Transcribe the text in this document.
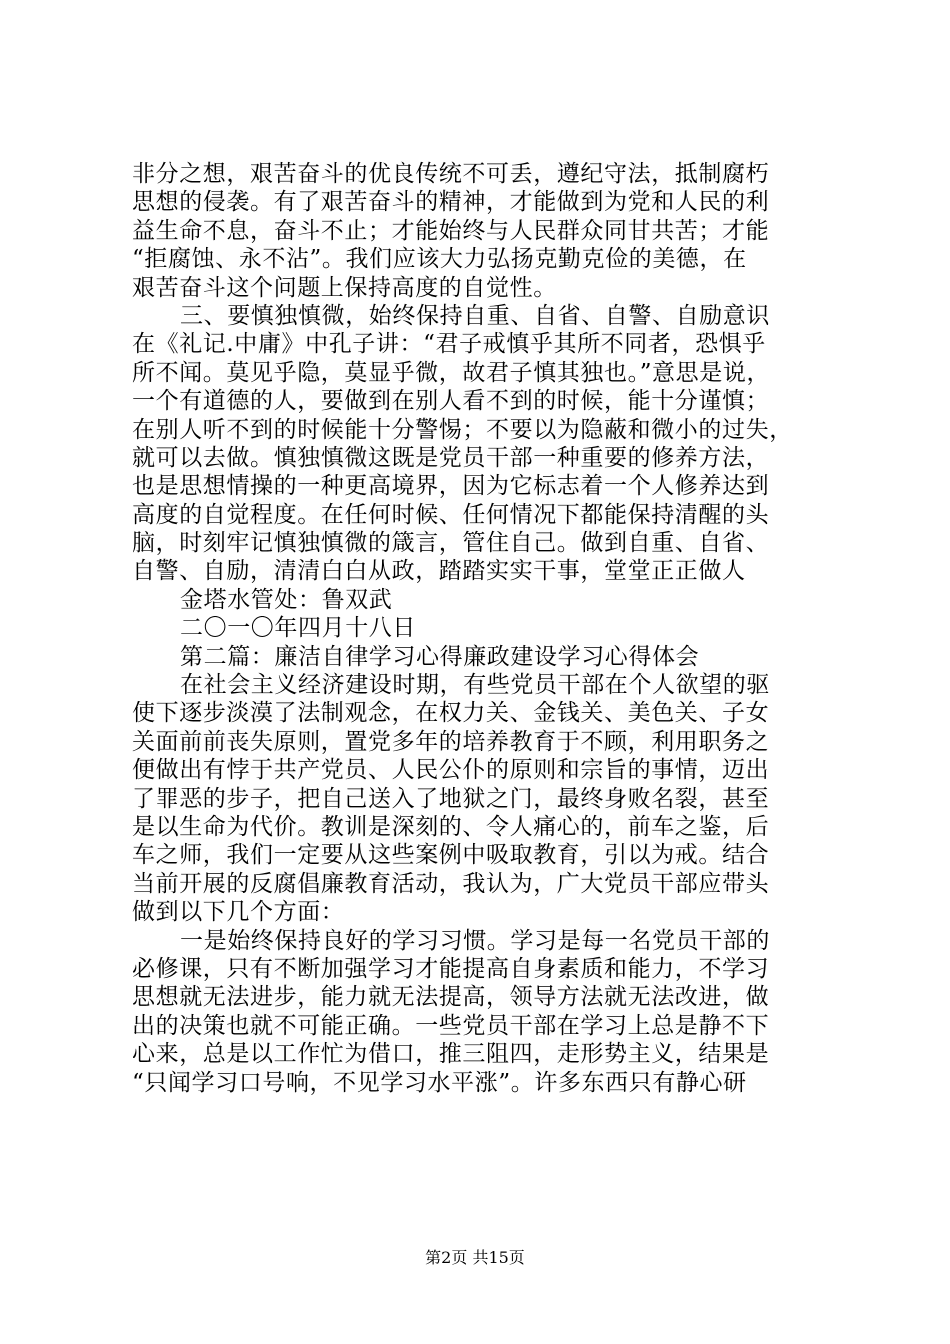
非分之想，艰苦奋斗的优良传统不可丢，遵纪守法，抵制腐朽
思想的侵袭。有了艰苦奋斗的精神，才能做到为党和人民的利
益生命不息，奋斗不止；才能始终与人民群众同甘共苦；才能
“拒腐蚀、永不沾”。我们应该大力弘扬克勤克俭的美德，在
艰苦奋斗这个问题上保持高度的自觉性。
三、要慎独慎微，始终保持自重、自省、自警、自励意识
在《礼记.中庸》中孔子讲：“君子戒慎乎其所不同者，恐惧乎
所不闻。莫见乎隐，莫显乎微，故君子慎其独也。”意思是说，
一个有道德的人，要做到在别人看不到的时候，能十分谨慎；
在别人听不到的时候能十分警惕；不要以为隐蔽和微小的过失，
就可以去做。慎独慎微这既是党员干部一种重要的修养方法，
也是思想情操的一种更高境界，因为它标志着一个人修养达到
高度的自觉程度。在任何时候、任何情况下都能保持清醒的头
脑，时刻牢记慎独慎微的箴言，管住自己。做到自重、自省、
自警、自励，清清白白从政，踏踏实实干事，堂堂正正做人
金塔水管处：鲁双武
二〇一〇年四月十八日
第二篇：廉洁自律学习心得廉政建设学习心得体会
在社会主义经济建设时期，有些党员干部在个人欲望的驱
使下逐步淡漠了法制观念，在权力关、金钱关、美色关、子女
关面前前丧失原则，置党多年的培养教育于不顾，利用职务之
便做出有悖于共产党员、人民公仆的原则和宗旨的事情，迈出
了罪恶的步子，把自己送入了地狱之门，最终身败名裂，甚至
是以生命为代价。教训是深刻的、令人痛心的，前车之鉴，后
车之师，我们一定要从这些案例中吸取教育，引以为戒。结合
当前开展的反腐倡廉教育活动，我认为，广大党员干部应带头
做到以下几个方面：
一是始终保持良好的学习习惯。学习是每一名党员干部的
必修课，只有不断加强学习才能提高自身素质和能力，不学习
思想就无法进步，能力就无法提高，领导方法就无法改进，做
出的决策也就不可能正确。一些党员干部在学习上总是静不下
心来，总是以工作忙为借口，推三阻四，走形势主义，结果是
“只闻学习口号响，不见学习水平涨”。许多东西只有静心研
第2页 共15页
